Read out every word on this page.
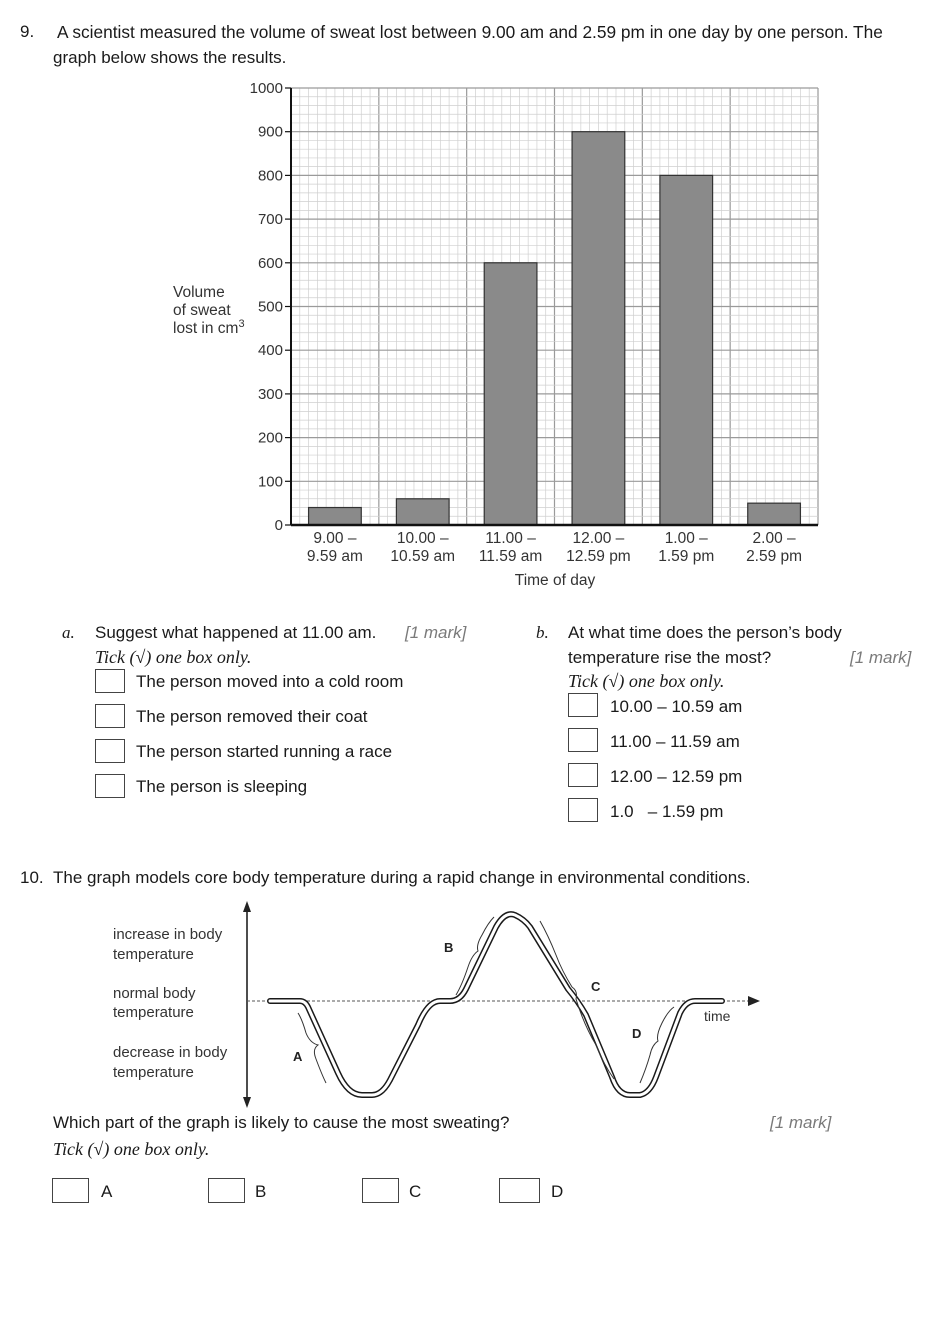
9. A scientist measured the volume of sweat lost between 9.00 am and 2.59 pm in one day by one person. The
graph below shows the results.
9.00 –
9.59 am
10.00 –
10.59 am
11.00 –
11.59 am
12.00 –
12.59 pm
1.00 –
1.59 pm
2.00 –
2.59 pm
0
100
200
300
400
500
600
700
800
900
1000
Volume
of sweat
lost in $cm^3$
Time of day
a. Suggest what happened at 11.00 am. [1 mark]
Tick (√) one box only.
The person moved into a cold room
The person removed their coat
The person started running a race
The person is sleeping
b. At what time does the person’s body
temperature rise the most?	[1 mark]
Tick (√) one box only.
10.00 – 10.59 am
11.00 – 11.59 am
12.00 – 12.59 pm
1.0   – 1.59 pm
10. The graph models core body temperature during a rapid change in environmental conditions.
increase in body
temperature
normal body
temperature
decrease in body
temperature
time
A
B
C
D
Which part of the graph is likely to cause the most sweating?	[1 mark]
Tick (√) one box only.
A	B	C	D
